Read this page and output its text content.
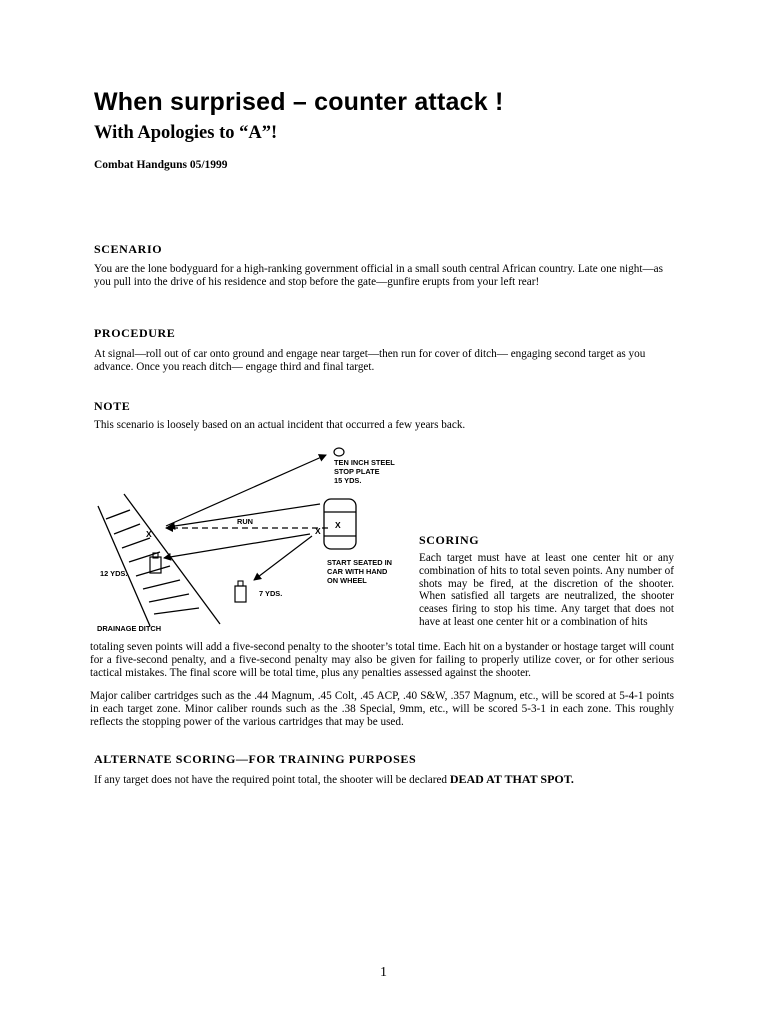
When surprised – counter attack !
With Apologies to “A”!
Combat Handguns 05/1999
SCENARIO
You are the lone bodyguard for a high-ranking government official in a small south central African country. Late one night—as you pull into the drive of his residence and stop before the gate—gunfire erupts from your left rear!
PROCEDURE
At signal—roll out of car onto ground and engage near target—then run for cover of ditch— engaging second target as you advance. Once you reach ditch— engage third and final target.
NOTE
This scenario is loosely based on an actual incident that occurred a few years back.
X	X
X
TEN INCH STEEL
STOP PLATE
15 YDS.
RUN
START SEATED IN
CAR WITH HAND
ON WHEEL
12 YDS.
7 YDS.
DRAINAGE DITCH
SCORING
Each target must have at least one center hit or any combination of hits to total seven points. Any number of shots may be fired, at the discretion of the shooter. When satisfied all targets are neutralized, the shooter ceases firing to stop his time. Any target that does not have at least one center hit or a combination of hits
totaling seven points will add a five-second penalty to the shooter’s total time. Each hit on a bystander or hostage target will count for a five-second penalty, and a five-second penalty may also be given for failing to properly utilize cover, or for other serious tactical mistakes. The final score will be total time, plus any penalties assessed against the shooter.
Major caliber cartridges such as the .44 Magnum, .45 Colt, .45 ACP, .40 S&W, .357 Magnum, etc., will be scored at 5-4-1 points in each target zone. Minor caliber rounds such as the .38 Special, 9mm, etc., will be scored 5-3-1 in each zone. This roughly reflects the stopping power of the various cartridges that may be used.
ALTERNATE SCORING—FOR TRAINING PURPOSES
If any target does not have the required point total, the shooter will be declared DEAD AT THAT SPOT.
1
